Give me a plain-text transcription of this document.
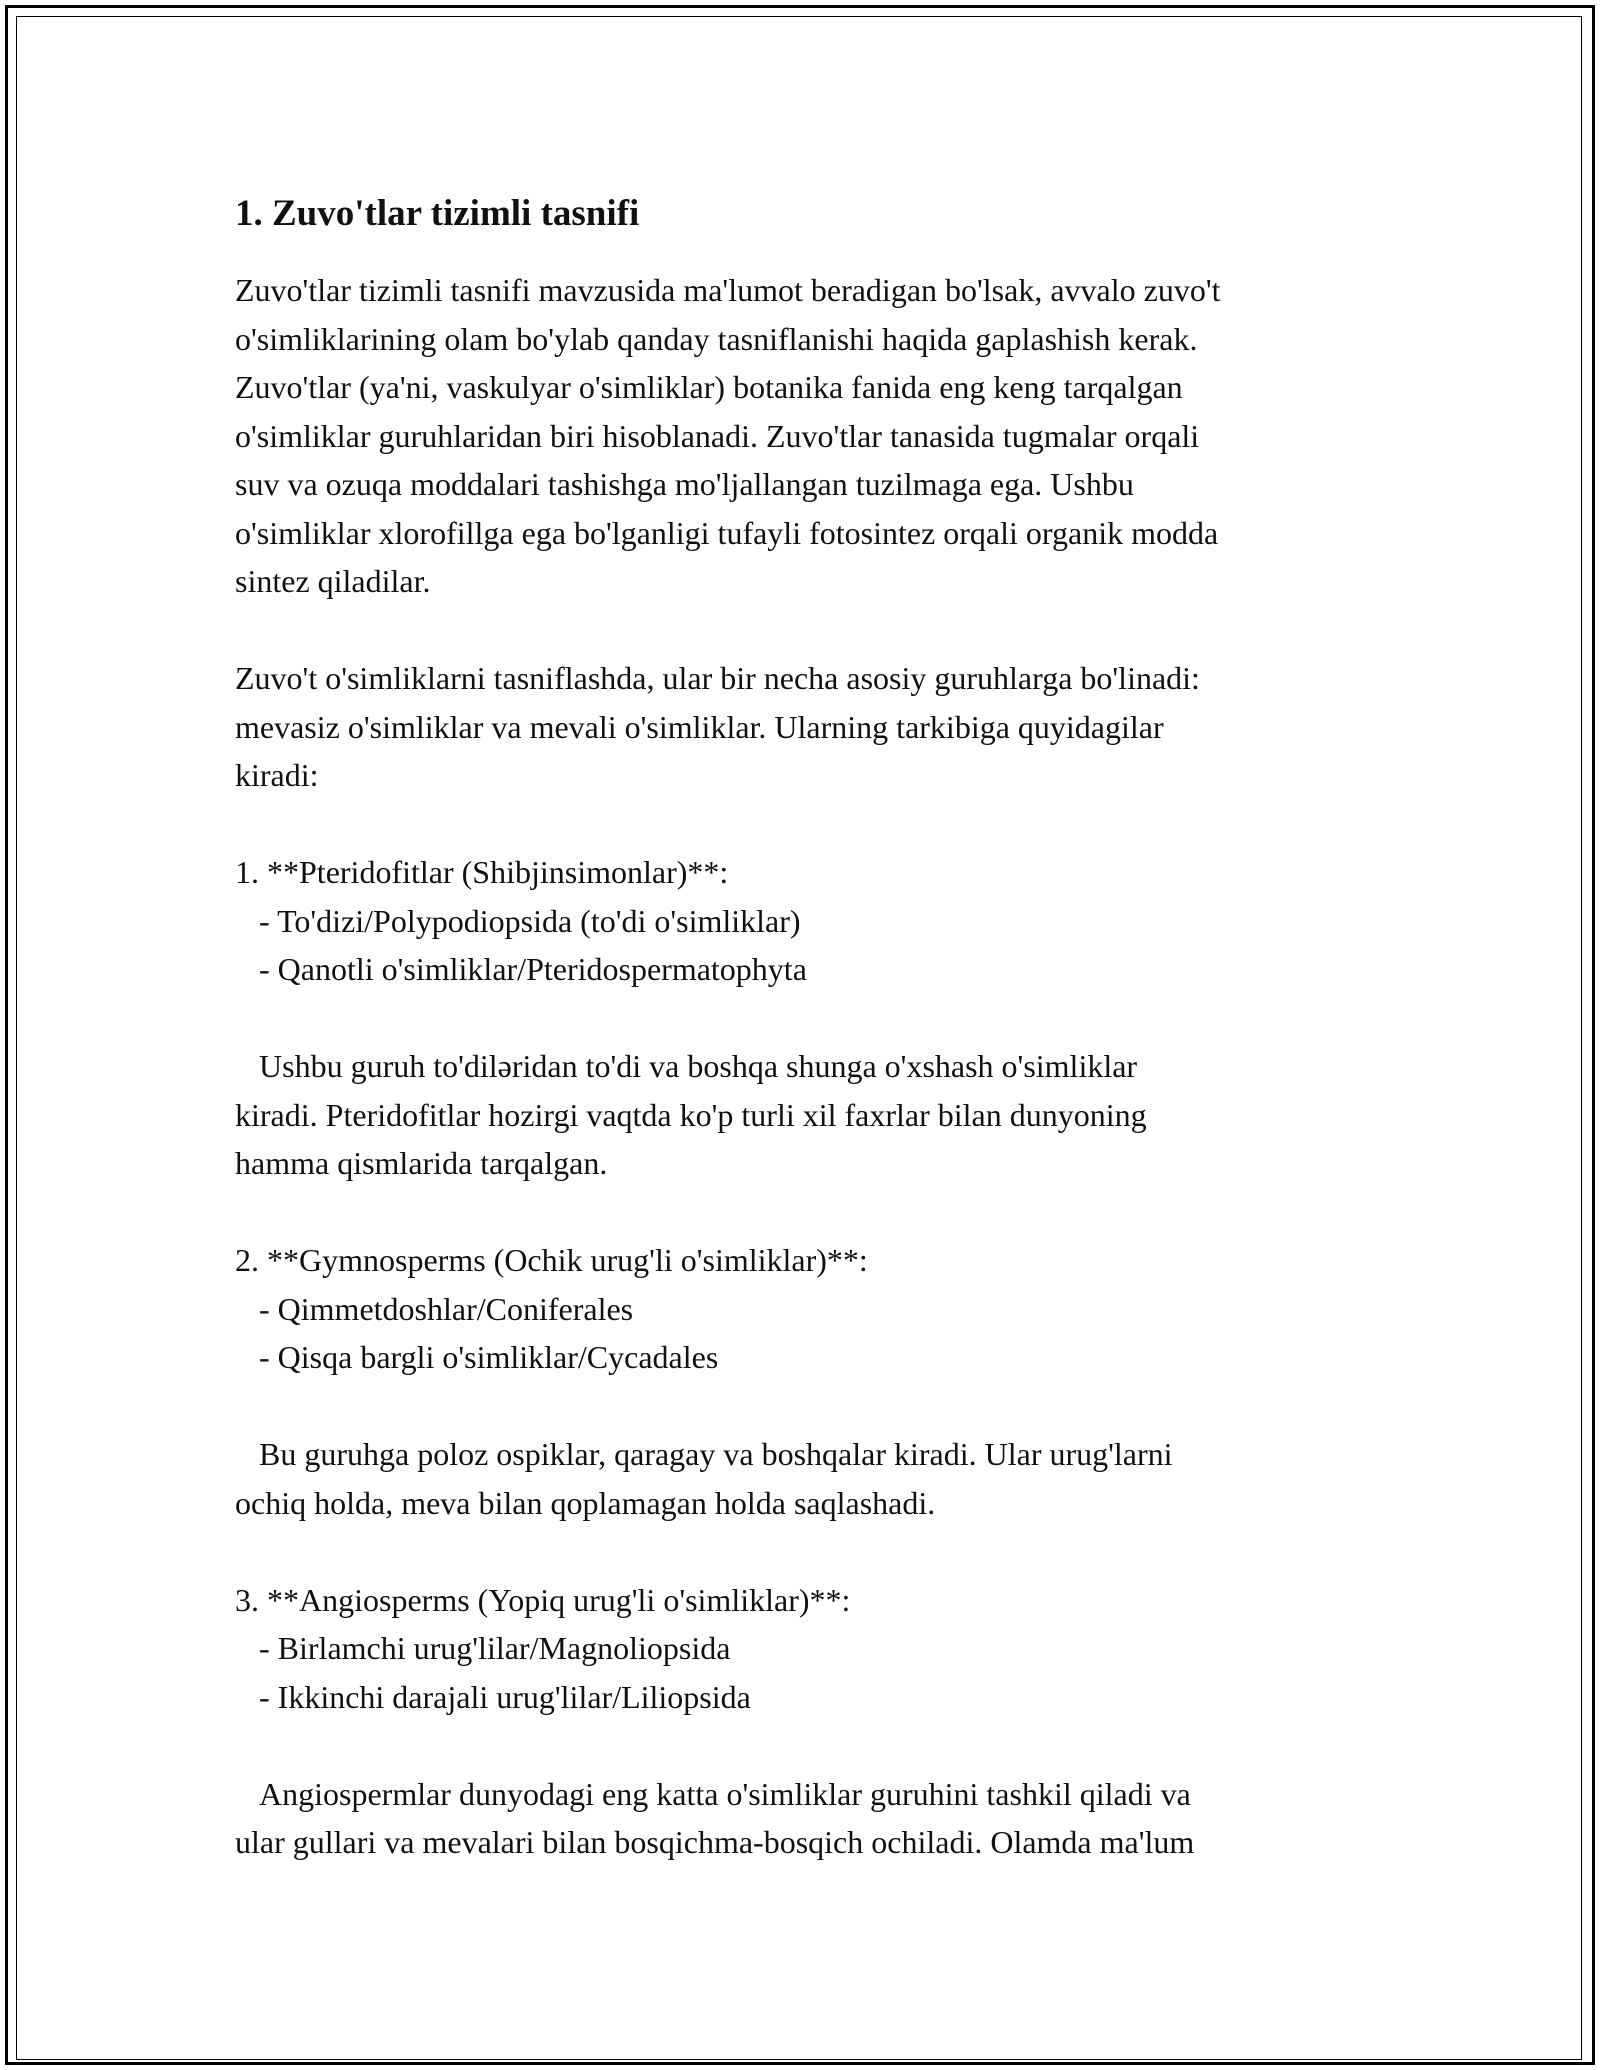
1. Zuvo'tlar tizimli tasnifi

Zuvo'tlar tizimli tasnifi mavzusida ma'lumot beradigan bo'lsak, avvalo zuvo't
o'simliklarining olam bo'ylab qanday tasniflanishi haqida gaplashish kerak.
Zuvo'tlar (ya'ni, vaskulyar o'simliklar) botanika fanida eng keng tarqalgan
o'simliklar guruhlaridan biri hisoblanadi. Zuvo'tlar tanasida tugmalar orqali
suv va ozuqa moddalari tashishga mo'ljallangan tuzilmaga ega. Ushbu
o'simliklar xlorofillga ega bo'lganligi tufayli fotosintez orqali organik modda
sintez qiladilar.

Zuvo't o'simliklarni tasniflashda, ular bir necha asosiy guruhlarga bo'linadi:
mevasiz o'simliklar va mevali o'simliklar. Ularning tarkibiga quyidagilar
kiradi:

1. **Pteridofitlar (Shibjinsimonlar)**:
- To'dizi/Polypodiopsida (to'di o'simliklar)
- Qanotli o'simliklar/Pteridospermatophyta

Ushbu guruh to'diləridan to'di va boshqa shunga o'xshash o'simliklar
kiradi. Pteridofitlar hozirgi vaqtda ko'p turli xil faxrlar bilan dunyoning
hamma qismlarida tarqalgan.

2. **Gymnosperms (Ochik urug'li o'simliklar)**:
- Qimmetdoshlar/Coniferales
- Qisqa bargli o'simliklar/Cycadales

Bu guruhga poloz ospiklar, qaragay va boshqalar kiradi. Ular urug'larni
ochiq holda, meva bilan qoplamagan holda saqlashadi.

3. **Angiosperms (Yopiq urug'li o'simliklar)**:
- Birlamchi urug'lilar/Magnoliopsida
- Ikkinchi darajali urug'lilar/Liliopsida

Angiospermlar dunyodagi eng katta o'simliklar guruhini tashkil qiladi va
ular gullari va mevalari bilan bosqichma-bosqich ochiladi. Olamda ma'lum
